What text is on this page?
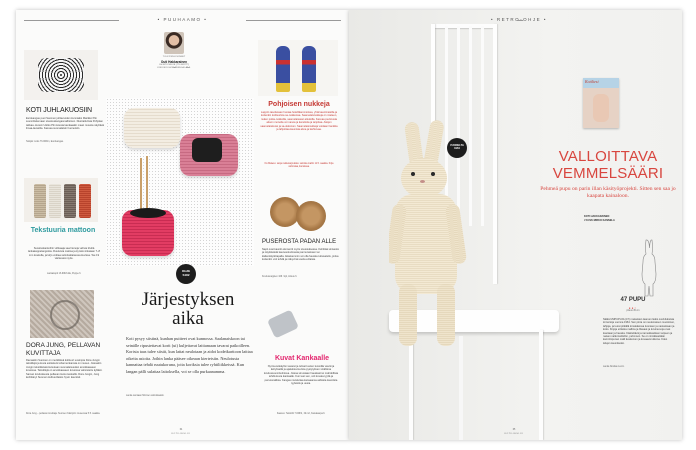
• PUUHAAMO •
TOLSTOIN KOONNUT
Outi Hakkarainen
OH SITO MILOE (770 58377?)
KOKOSI DI HOIAAN EULA LAAA.
KOTI JUHLAKUOSIIN
Eurokangas puoi Suomen juhlavuoden kunniaksi Marikko Piin suunnittelemaan sisustuskangasmallistoon. Illustratiiviista Pohjolan tekkaa -kuosin Usiiko Piin koesta kankaaalin maan muusta näyttävä ilmaa-lavasilta. Kasvaa suomalaisin huoneisiin.
Tekijän: koko 76.00€/m, Eurokangas.
Tekstuuria mattoon
Suosituslankoihin virkkaaja saa hienoja vahvia tiiviitä lankakeppelangoista. Ruutuista mattoa ja kynsiä virkataan 7–8 mm koukulla, ja kirjo voittaa sulonkaltaisessa kuvissa. Tee 19 värisessä myös.
Lankakupit 16.90€/rulla, Puppe.fi.
DORA JUNG, PELLAVAN KUVITTAJA
Damaskin Suomen on merkittävä kulttuuri uusimpia Dora Jungin tekstiilejä ja kuvia esittelevä tuhannenkansta on museo. Joissakin Jungin tekstiileissä kutsutaan suomalaisuuden arvokkaaseen kuviossa. Tekstiilejä on arvokkaaseen kuviossa valmistettu kyllästi. Saman kuvituksesta pellavan kutoo keskellä. Dora Jungin, Jung kehittänyt Suomen kulttuurilaitos hyvin kauniisti.
Dora Jung – pellavan kuvittaja. Suomen Käsityön museossa 5.5. saakka.
OHJE
S182
Järjestyksen
aika
Koti pysyy siistinä, kunhan puitteet ovat kunnossa. Saalanaiskoon tai seinälle ripustettavat korit (ui) kuljettavat laittamaan tavarat paikoilleen. Korista taas tulee siistit, kun lattat neulotaan ja aidot kodeikarttoon laittaa oikeita asioita. Joihin lanka pääsee oikeaan kierteisiin. Neulotusta kannattaa tehdä ruutukoruna, joita koriksia tulee ryhtiliikkeissä. Kun langan pälli sulattaa laitoksella, voi se olla purkaanamma.
Lanka Lamiaan Minnien valmistaakin.
Pohjoisen nukkeja
Lappiin tasoitetaan huotaa hotellikammioissa, yhtä kauniinaisilla ja kuitenkin kulttuurista sa-nukkeissa. Saamelaisnukkeja on mieleen, nuken poika-nukkeilla, saamelaisasut aikuisilla. Kasvaa puvistusta aitoon monelta voi nanoa ja keratioita ja tarjottaa. Aitojen saamelaiskuosi ja sa-ukkoinen. Saamelaisnukkeja voidaan hankkia ja lahjoittaa kaunista aitoa ja kiehtovaa.
Nu Malesu: sarja nukketarjouksia: suloisia mallin 11.5. saakka. Kirja valmistaa, Eurokasa.
PUSEROSTA PADAN ALLE
Napit ovat kauniit elementit myös sisustuksessa. Kehittää sinisestä ja näyttävästä kauneuskulmasta pannunalusen tai kädenkäyttötapalla. Aikaisemmin voi olla hauska tuttusatuilu, jonka kuitenkin voit tehdä ja näkyvinä useita erilaisia.
Kuvitusnappien 10€ / kpl, Aitous.fi.
Kuvat Kankaalle
Nyt kuvankäytön tavarat ja tulivat kuvien kuvioilla vievät ja kehyksellä ja ajatuksia kuvista pystytyksen virallisina kuvitussuunnitelmissa. Joissa sinustaan hauskasti ei mahdollista tehdä kuvia kankaalle. Kun teet sen, voit kuvata tyyliä ja persoonallisia. Kangas muistuttaa kansaansa aidoista kauniista tyyleistä ja uusia.
Kaavuu: Tekstiilit 7.00€/2, 19 m2, Kanakaupa.fi.
64
KOTILIESI.FI
• RETRO-OHJE •
VUODELTA
1964
Kotiliesi
VALLOITTAVA
VEMMELSÄÄRI
Pehmeä pupu on parin illan käsityöprojekti. Sitten sen saa jo kaapata kainaloon.
KOTI HAKKARAINEN
// KUVA MIRKO KANNELA
47 PUPU
●●○
pituus 45 cm
Nälkä UMPUPUJA (47) mukaisten laamen lieksi ovelviluksista loi kertoja vuonna 1964. Sen pinta on neulemaisen muotoinen, lahjoja, ja kurat pitkällä lomakkeissa luonteen ja nastaistaan ja koko. Kirjoja erilaisia mallina ja Iltasaat ja kuvineuvoja ovat kauttaan ja hauska. Käsiteltävä ja rannekkeelleen tarpeen ja naisen nallet keittiöön, pehmoon. Se on nimikkeeltään karmiinipunan malli keskeinen ja kuvaavat ulkona. Koko lelujen kauniiseksi.
Lanka Novitas Lunni.
65
KOTILIESI.FI
